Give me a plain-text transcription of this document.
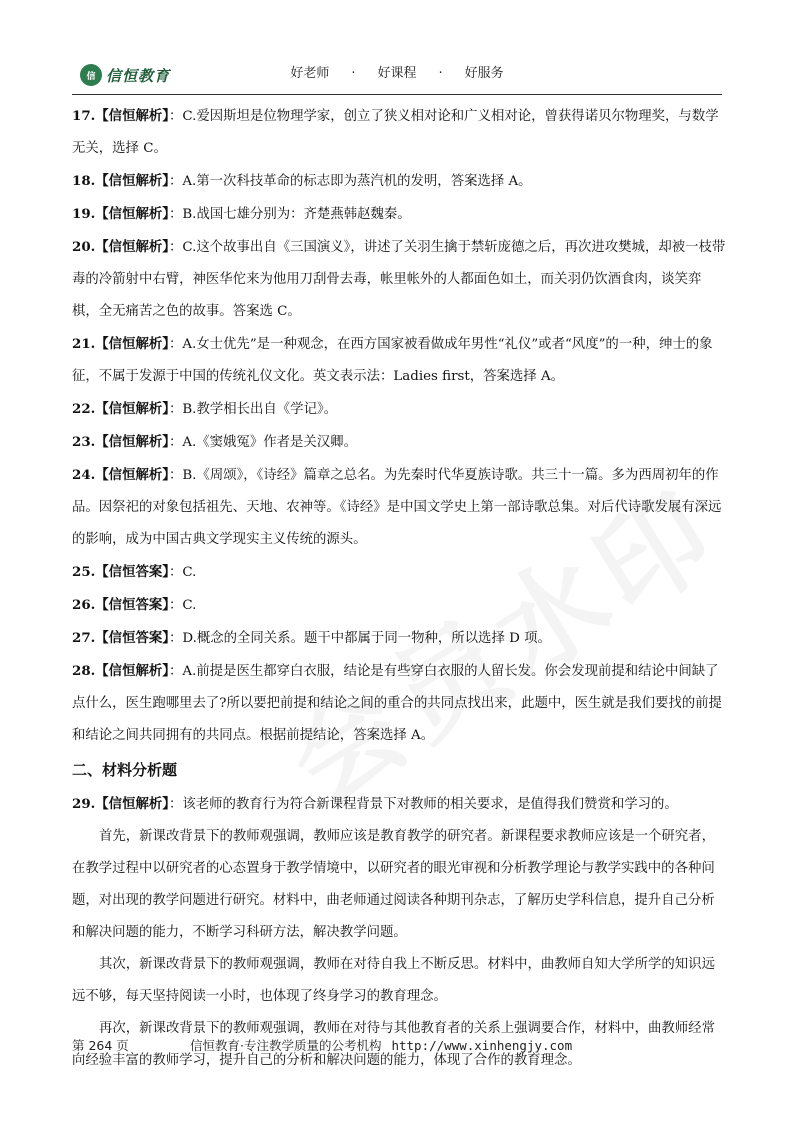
信 信恒教育	好老师 · 好课程 · 好服务

17.【信恒解析】：C.爱因斯坦是位物理学家，创立了狭义相对论和广义相对论，曾获得诺贝尔物理奖，与数学无关，选择 C。

18.【信恒解析】：A.第一次科技革命的标志即为蒸汽机的发明，答案选择 A。

19.【信恒解析】：B.战国七雄分别为：齐楚燕韩赵魏秦。

20.【信恒解析】：C.这个故事出自《三国演义》，讲述了关羽生擒于禁斩庞德之后，再次进攻樊城，却被一枝带毒的冷箭射中右臂，神医华佗来为他用刀刮骨去毒，帐里帐外的人都面色如土，而关羽仍饮酒食肉，谈笑弈棋，全无痛苦之色的故事。答案选 C。

21.【信恒解析】：A.女士优先”是一种观念，在西方国家被看做成年男性“礼仪”或者“风度”的一种，绅士的象征，不属于发源于中国的传统礼仪文化。英文表示法：Ladies first，答案选择 A。

22.【信恒解析】：B.教学相长出自《学记》。

23.【信恒解析】：A.《窦娥冤》作者是关汉卿。

24.【信恒解析】：B.《周颂》，《诗经》篇章之总名。为先秦时代华夏族诗歌。共三十一篇。多为西周初年的作品。因祭祀的对象包括祖先、天地、农神等。《诗经》是中国文学史上第一部诗歌总集。对后代诗歌发展有深远的影响，成为中国古典文学现实主义传统的源头。

25.【信恒答案】：C.

26.【信恒答案】：C.

27.【信恒答案】：D.概念的全同关系。题干中都属于同一物种，所以选择 D 项。

28.【信恒解析】：A.前提是医生都穿白衣服，结论是有些穿白衣服的人留长发。你会发现前提和结论中间缺了点什么，医生跑哪里去了?所以要把前提和结论之间的重合的共同点找出来，此题中，医生就是我们要找的前提和结论之间共同拥有的共同点。根据前提结论，答案选择 A。

二、材料分析题

29.【信恒解析】：该老师的教育行为符合新课程背景下对教师的相关要求，是值得我们赞赏和学习的。

首先，新课改背景下的教师观强调，教师应该是教育教学的研究者。新课程要求教师应该是一个研究者，在教学过程中以研究者的心态置身于教学情境中，以研究者的眼光审视和分析教学理论与教学实践中的各种问题，对出现的教学问题进行研究。材料中，曲老师通过阅读各种期刊杂志，了解历史学科信息，提升自己分析和解决问题的能力，不断学习科研方法，解决教学问题。

其次，新课改背景下的教师观强调，教师在对待自我上不断反思。材料中，曲教师自知大学所学的知识远远不够，每天坚持阅读一小时，也体现了终身学习的教育理念。

再次，新课改背景下的教师观强调，教师在对待与其他教育者的关系上强调要合作，材料中，曲教师经常向经验丰富的教师学习，提升自己的分析和解决问题的能力，体现了合作的教育理念。

第 264 页	信恒教育·专注教学质量的公考机构 http://www.xinhengjy.com
